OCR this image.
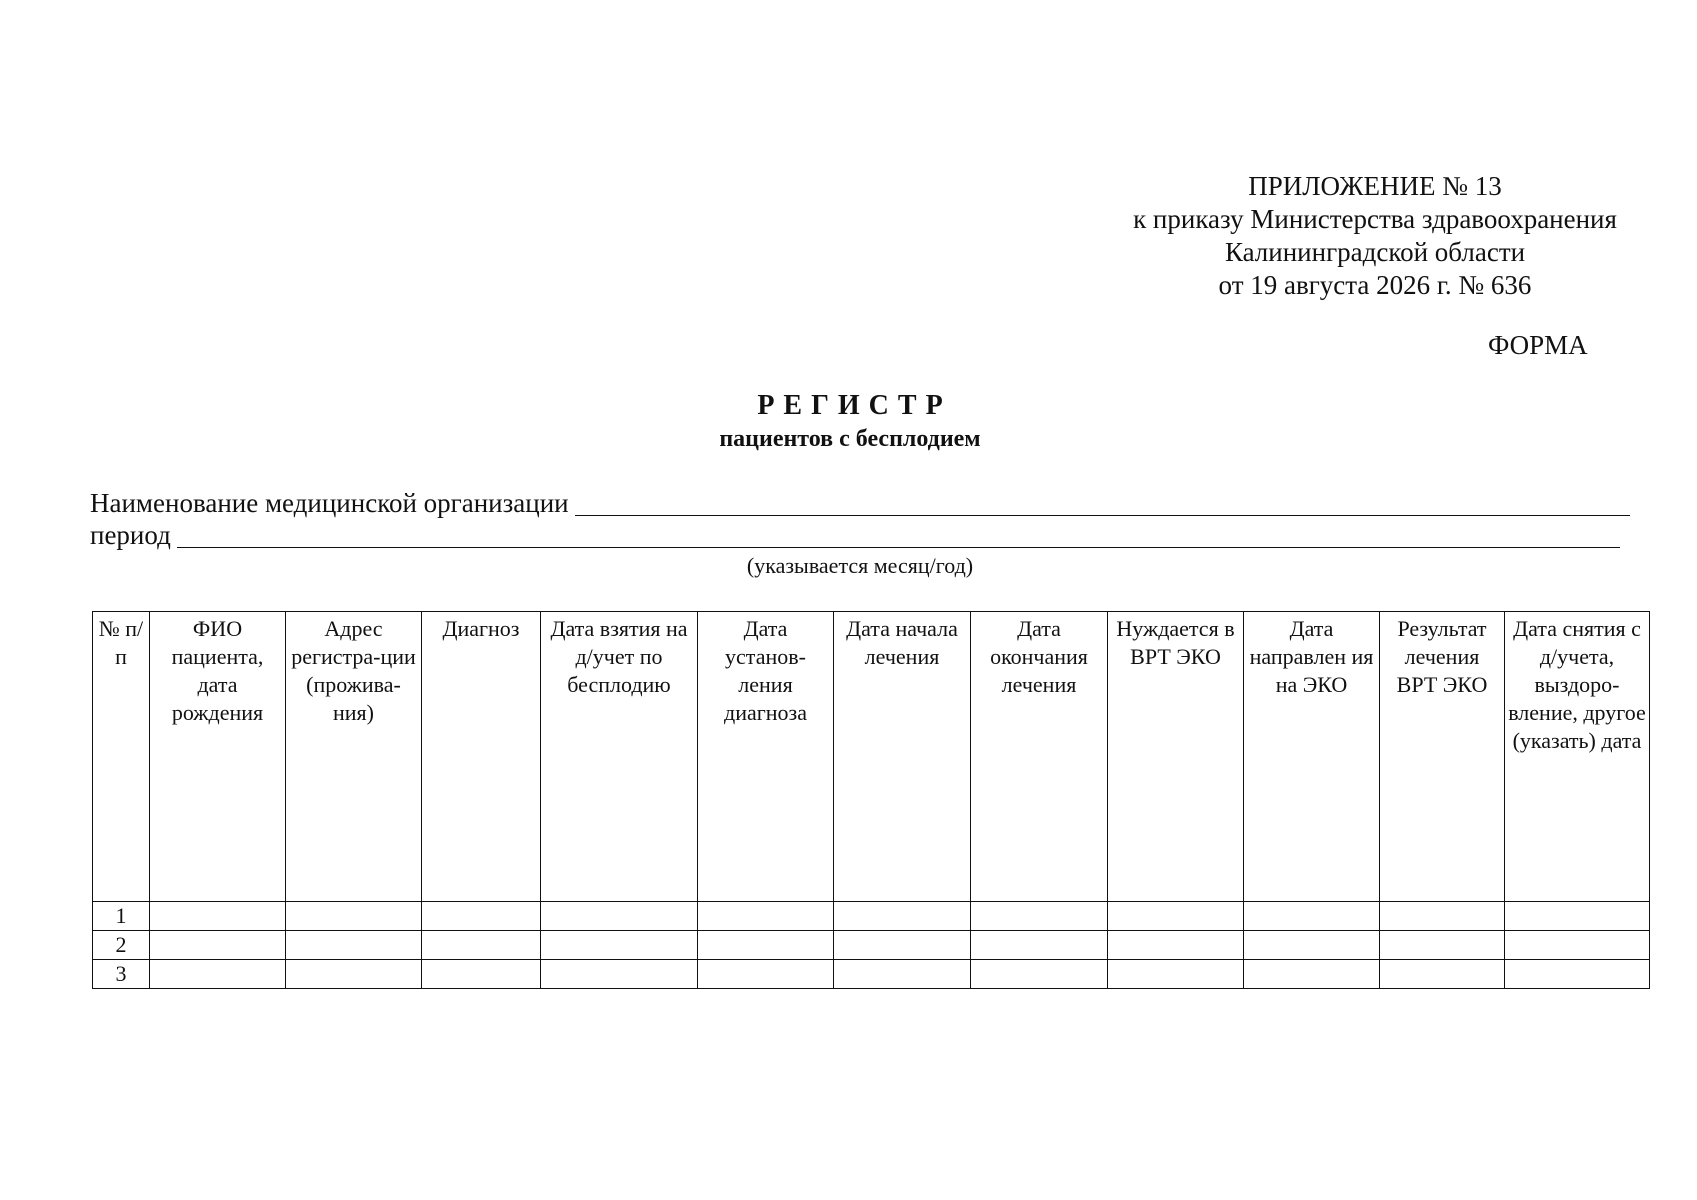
ПРИЛОЖЕНИЕ № 13
к приказу Министерства здравоохранения
Калининградской области
от 19 августа 2026 г. № 636
ФОРМА
РЕГИСТР
пациентов с бесплодием
Наименование медицинской организации
период
(указывается месяц/год)
№ п/п	ФИО пациента, дата рождения	Адрес регистра-ции (прожива-ния)	Диагноз	Дата взятия на д/учет по бесплодию	Дата установ-ления диагноза	Дата начала лечения	Дата окончания лечения	Нуждается в ВРТ ЭКО	Дата направлен ия на ЭКО	Результат лечения ВРТ ЭКО	Дата снятия с д/учета, выздоро-вление, другое (указать) дата
1											
2											
3											
